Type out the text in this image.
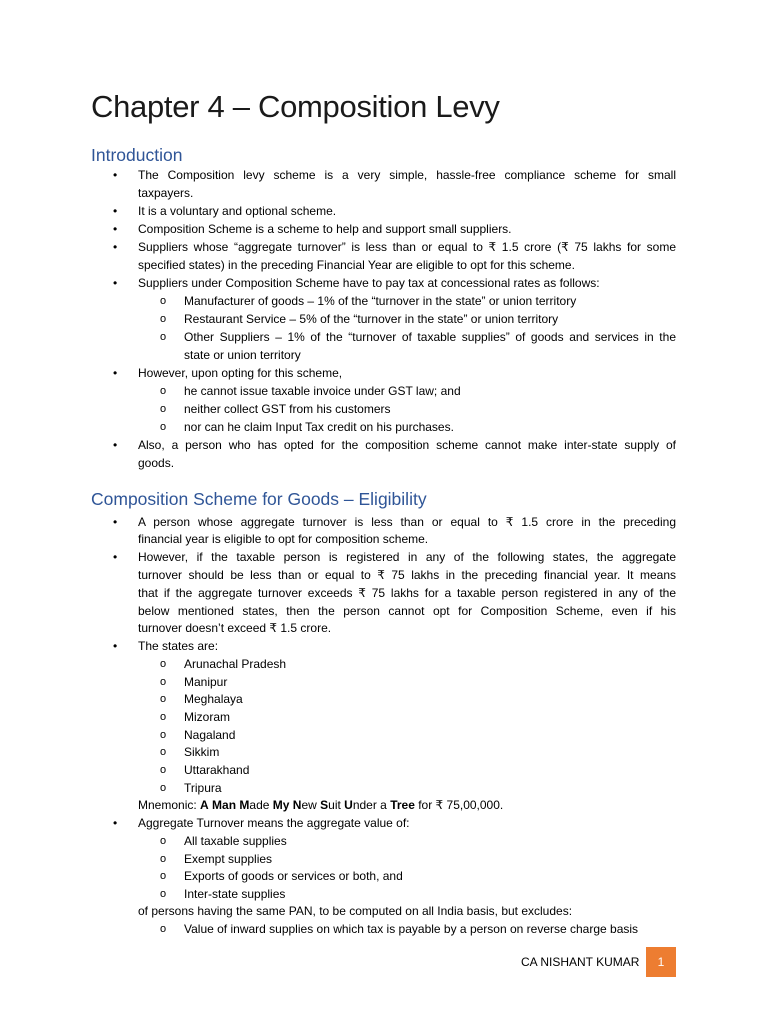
Chapter 4 – Composition Levy
Introduction
• The Composition levy scheme is a very simple, hassle-free compliance scheme for small
taxpayers.
• It is a voluntary and optional scheme.
• Composition Scheme is a scheme to help and support small suppliers.
• Suppliers whose “aggregate turnover” is less than or equal to ₹ 1.5 crore (₹ 75 lakhs for some
specified states) in the preceding Financial Year are eligible to opt for this scheme.
• Suppliers under Composition Scheme have to pay tax at concessional rates as follows:
o Manufacturer of goods – 1% of the “turnover in the state” or union territory
o Restaurant Service – 5% of the “turnover in the state” or union territory
o Other Suppliers – 1% of the “turnover of taxable supplies” of goods and services in the
state or union territory
• However, upon opting for this scheme,
o he cannot issue taxable invoice under GST law; and
o neither collect GST from his customers
o nor can he claim Input Tax credit on his purchases.
• Also, a person who has opted for the composition scheme cannot make inter-state supply of
goods.
Composition Scheme for Goods – Eligibility
• A person whose aggregate turnover is less than or equal to ₹ 1.5 crore in the preceding
financial year is eligible to opt for composition scheme.
• However, if the taxable person is registered in any of the following states, the aggregate
turnover should be less than or equal to ₹ 75 lakhs in the preceding financial year. It means
that if the aggregate turnover exceeds ₹ 75 lakhs for a taxable person registered in any of the
below mentioned states, then the person cannot opt for Composition Scheme, even if his
turnover doesn’t exceed ₹ 1.5 crore.
• The states are:
o Arunachal Pradesh
o Manipur
o Meghalaya
o Mizoram
o Nagaland
o Sikkim
o Uttarakhand
o Tripura
Mnemonic: A Man Made My New Suit Under a Tree for ₹ 75,00,000.
• Aggregate Turnover means the aggregate value of:
o All taxable supplies
o Exempt supplies
o Exports of goods or services or both, and
o Inter-state supplies
of persons having the same PAN, to be computed on all India basis, but excludes:
o Value of inward supplies on which tax is payable by a person on reverse charge basis
CA NISHANT KUMAR	1
